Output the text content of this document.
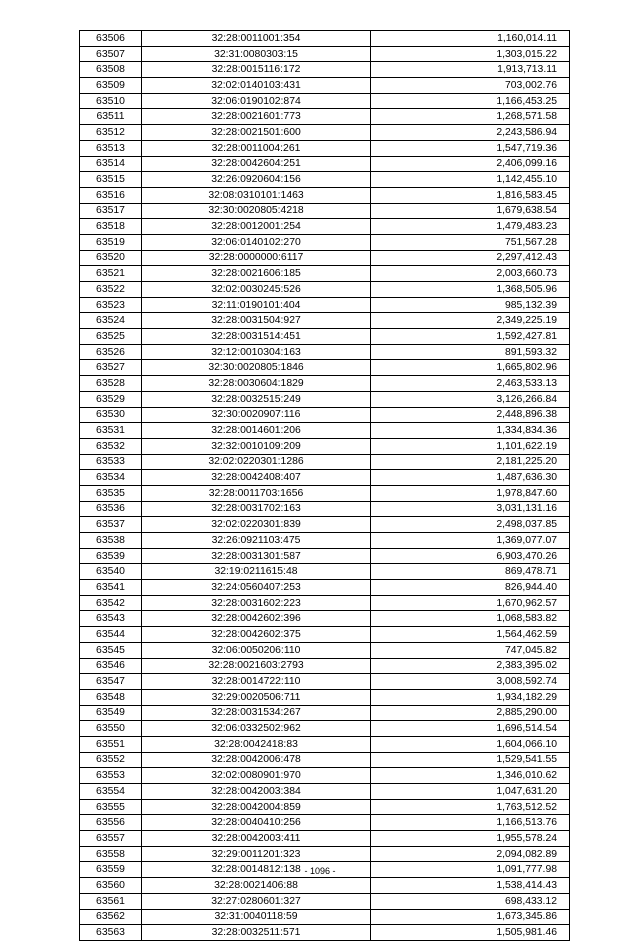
63506	32:28:0011001:354	1,160,014.11
63507	32:31:0080303:15	1,303,015.22
63508	32:28:0015116:172	1,913,713.11
63509	32:02:0140103:431	703,002.76
63510	32:06:0190102:874	1,166,453.25
63511	32:28:0021601:773	1,268,571.58
63512	32:28:0021501:600	2,243,586.94
63513	32:28:0011004:261	1,547,719.36
63514	32:28:0042604:251	2,406,099.16
63515	32:26:0920604:156	1,142,455.10
63516	32:08:0310101:1463	1,816,583.45
63517	32:30:0020805:4218	1,679,638.54
63518	32:28:0012001:254	1,479,483.23
63519	32:06:0140102:270	751,567.28
63520	32:28:0000000:6117	2,297,412.43
63521	32:28:0021606:185	2,003,660.73
63522	32:02:0030245:526	1,368,505.96
63523	32:11:0190101:404	985,132.39
63524	32:28:0031504:927	2,349,225.19
63525	32:28:0031514:451	1,592,427.81
63526	32:12:0010304:163	891,593.32
63527	32:30:0020805:1846	1,665,802.96
63528	32:28:0030604:1829	2,463,533.13
63529	32:28:0032515:249	3,126,266.84
63530	32:30:0020907:116	2,448,896.38
63531	32:28:0014601:206	1,334,834.36
63532	32:32:0010109:209	1,101,622.19
63533	32:02:0220301:1286	2,181,225.20
63534	32:28:0042408:407	1,487,636.30
63535	32:28:0011703:1656	1,978,847.60
63536	32:28:0031702:163	3,031,131.16
63537	32:02:0220301:839	2,498,037.85
63538	32:26:0921103:475	1,369,077.07
63539	32:28:0031301:587	6,903,470.26
63540	32:19:0211615:48	869,478.71
63541	32:24:0560407:253	826,944.40
63542	32:28:0031602:223	1,670,962.57
63543	32:28:0042602:396	1,068,583.82
63544	32:28:0042602:375	1,564,462.59
63545	32:06:0050206:110	747,045.82
63546	32:28:0021603:2793	2,383,395.02
63547	32:28:0014722:110	3,008,592.74
63548	32:29:0020506:711	1,934,182.29
63549	32:28:0031534:267	2,885,290.00
63550	32:06:0332502:962	1,696,514.54
63551	32:28:0042418:83	1,604,066.10
63552	32:28:0042006:478	1,529,541.55
63553	32:02:0080901:970	1,346,010.62
63554	32:28:0042003:384	1,047,631.20
63555	32:28:0042004:859	1,763,512.52
63556	32:28:0040410:256	1,166,513.76
63557	32:28:0042003:411	1,955,578.24
63558	32:29:0011201:323	2,094,082.89
63559	32:28:0014812:138	1,091,777.98
63560	32:28:0021406:88	1,538,414.43
63561	32:27:0280601:327	698,433.12
63562	32:31:0040118:59	1,673,345.86
63563	32:28:0032511:571	1,505,981.46
- 1096 -
